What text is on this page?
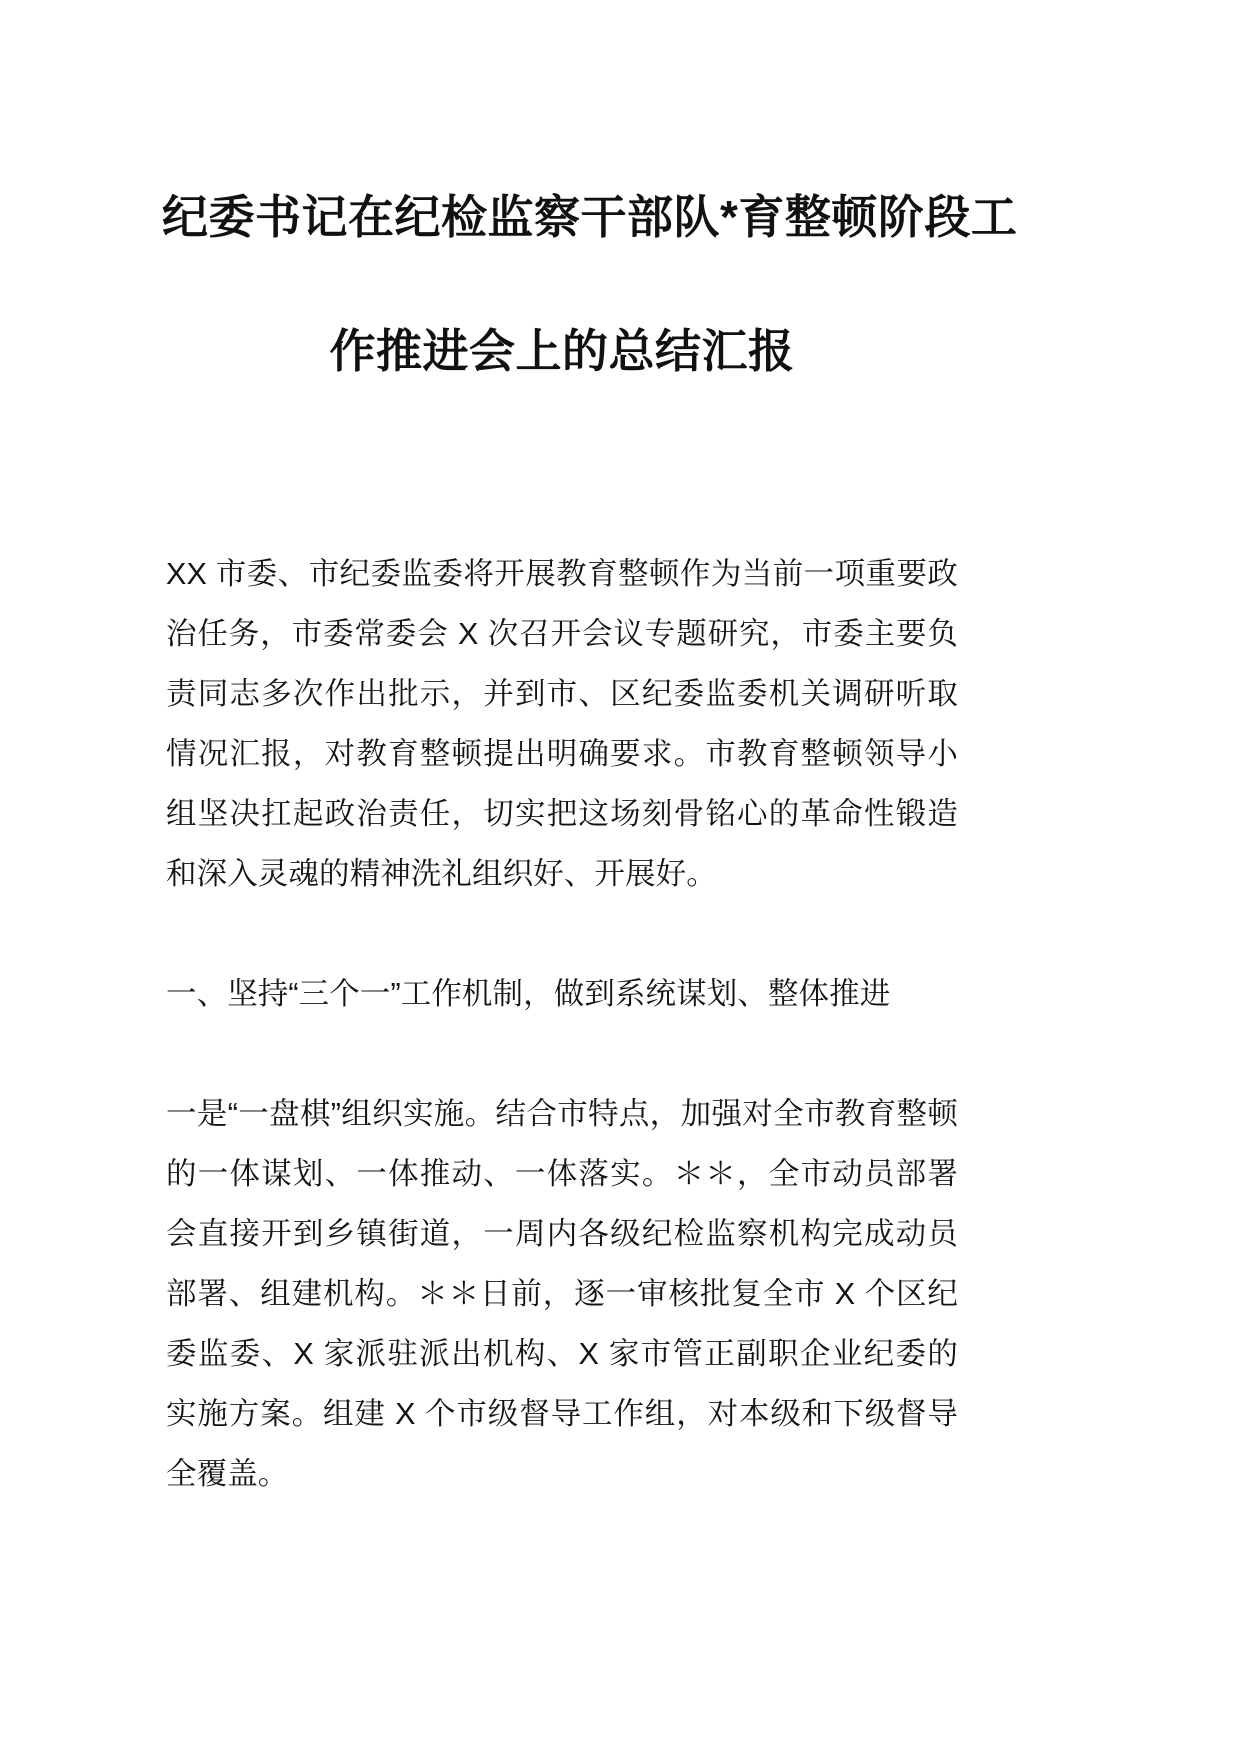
纪委书记在纪检监察干部队*育整顿阶段工
作推进会上的总结汇报

XX 市委、市纪委监委将开展教育整顿作为当前一项重要政治任务，市委常委会 X 次召开会议专题研究，市委主要负责同志多次作出批示，并到市、区纪委监委机关调研听取情况汇报，对教育整顿提出明确要求。市教育整顿领导小组坚决扛起政治责任，切实把这场刻骨铭心的革命性锻造和深入灵魂的精神洗礼组织好、开展好。

一、坚持“三个一”工作机制，做到系统谋划、整体推进

一是“一盘棋”组织实施。结合市特点，加强对全市教育整顿的一体谋划、一体推动、一体落实。＊＊，全市动员部署会直接开到乡镇街道，一周内各级纪检监察机构完成动员部署、组建机构。＊＊日前，逐一审核批复全市 X 个区纪委监委、X 家派驻派出机构、X 家市管正副职企业纪委的实施方案。组建 X 个市级督导工作组，对本级和下级督导全覆盖。
